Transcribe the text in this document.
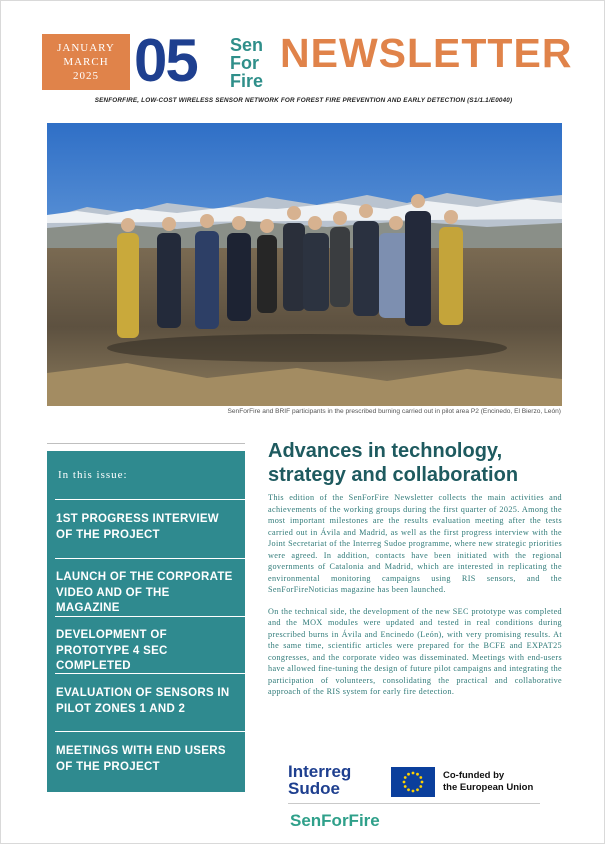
JANUARY
MARCH
2025 05 Sen
For
Fire
NEWSLETTER
SENFORFIRE, LOW-COST WIRELESS SENSOR NETWORK FOR FOREST FIRE PREVENTION AND EARLY DETECTION (S1/1.1/E0040)
SenForFire and BRIF participants in the prescribed burning carried out in pilot area P2 (Encinedo, El Bierzo, León)
In this issue:
1ST PROGRESS INTERVIEW OF THE PROJECT
LAUNCH OF THE CORPORATE VIDEO AND OF THE MAGAZINE
DEVELOPMENT OF PROTOTYPE 4 SEC COMPLETED
EVALUATION OF SENSORS IN PILOT ZONES 1 AND 2
MEETINGS WITH END USERS OF THE PROJECT
Advances in technology, strategy and collaboration

This edition of the SenForFire Newsletter collects the main activities and achievements of the working groups during the first quarter of 2025. Among the most important milestones are the results evaluation meeting after the tests carried out in Ávila and Madrid, as well as the first progress interview with the Joint Secretariat of the Interreg Sudoe programme, where new strategic priorities were agreed. In addition, contacts have been initiated with the regional governments of Catalonia and Madrid, which are interested in replicating the environmental monitoring campaigns using RIS sensors, and the SenForFireNoticias magazine has been launched.

On the technical side, the development of the new SEC prototype was completed and the MOX modules were updated and tested in real conditions during prescribed burns in Ávila and Encinedo (León), with very promising results. At the same time, scientific articles were prepared for the BCFE and EXPAT25 congresses, and the corporate video was disseminated. Meetings with end-users have allowed fine-tuning the design of future pilot campaigns and integrating the participation of volunteers, consolidating the practical and collaborative approach of the RIS system for early fire detection.

Interreg
Sudoe
Co-funded by
the European Union
SenForFire
